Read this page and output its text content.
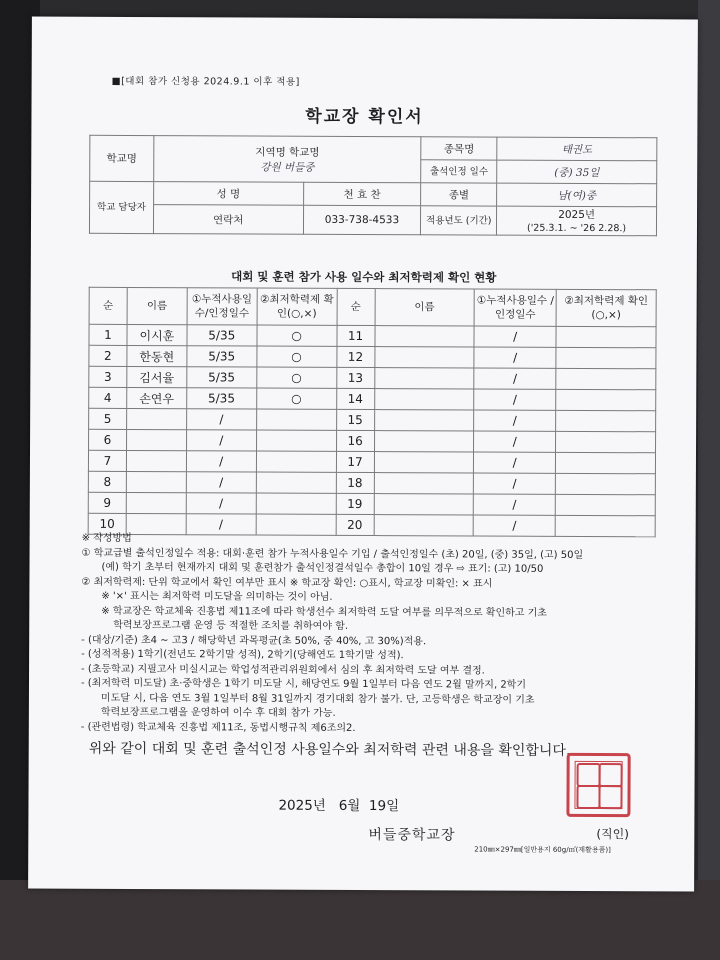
■[대회 참가 신청용 2024.9.1 이후 적용]
학교장 확인서
학교명	지역명 학교명
강원 버들중		종목명	태권도
			출석인정 일수	(중) 35일
학교 담당자	성 명	천 효 찬	종별	남(여)중
	연락처	033-738-4533	적용년도 (기간)	2025년
('25.3.1. ~ '26 2.28.)
대회 및 훈련 참가 사용 일수와 최저학력제 확인 현황
순	이름	①누적사용일 수/인정일수	②최저학력제 확인(○,×)	순	이름	①누적사용일수 /인정일수	②최저학력제 확인(○,×)
1	이시훈	5/35	○	11		/	
2	한동현	5/35	○	12		/	
3	김서율	5/35	○	13		/	
4	손연우	5/35	○	14		/	
5		/		15		/	
6		/		16		/	
7		/		17		/	
8		/		18		/	
9		/		19		/	
10		/		20		/	
※ 작성방법
① 학교급별 출석인정일수 적용: 대회·훈련 참가 누적사용일수 기입 / 출석인정일수 (초) 20일, (중) 35일, (고) 50일
(예) 학기 초부터 현재까지 대회 및 훈련참가 출석인정결석일수 총합이 10일 경우 ⇨ 표기: (고) 10/50
② 최저학력제: 단위 학교에서 확인 여부만 표시 ※ 학교장 확인: ○표시, 학교장 미확인: × 표시
※ '×' 표시는 최저학력 미도달을 의미하는 것이 아님.
※ 학교장은 학교체육 진흥법 제11조에 따라 학생선수 최저학력 도달 여부를 의무적으로 확인하고 기초
학력보장프로그램 운영 등 적절한 조치를 취하여야 함.
- (대상/기준) 초4 ~ 고3 / 해당학년 과목평균(초 50%, 중 40%, 고 30%)적용.
- (성적적용) 1학기(전년도 2학기말 성적), 2학기(당해연도 1학기말 성적).
- (초등학교) 지필고사 미실시교는 학업성적관리위원회에서 심의 후 최저학력 도달 여부 결정.
- (최저학력 미도달) 초·중학생은 1학기 미도달 시, 해당연도 9월 1일부터 다음 연도 2월 말까지, 2학기
미도달 시, 다음 연도 3월 1일부터 8월 31일까지 경기대회 참가 불가. 단, 고등학생은 학교장이 기초
학력보장프로그램을 운영하여 이수 후 대회 참가 가능.
- (관련법령) 학교체육 진흥법 제11조, 동법시행규칙 제6조의2.
위와 같이 대회 및 훈련 출석인정 사용일수와 최저학력 관련 내용을 확인합니다.
2025년   6월  19일
버들중학교장	(직인)
210㎜×297㎜[일반용지 60g/㎡(재활용품)]
